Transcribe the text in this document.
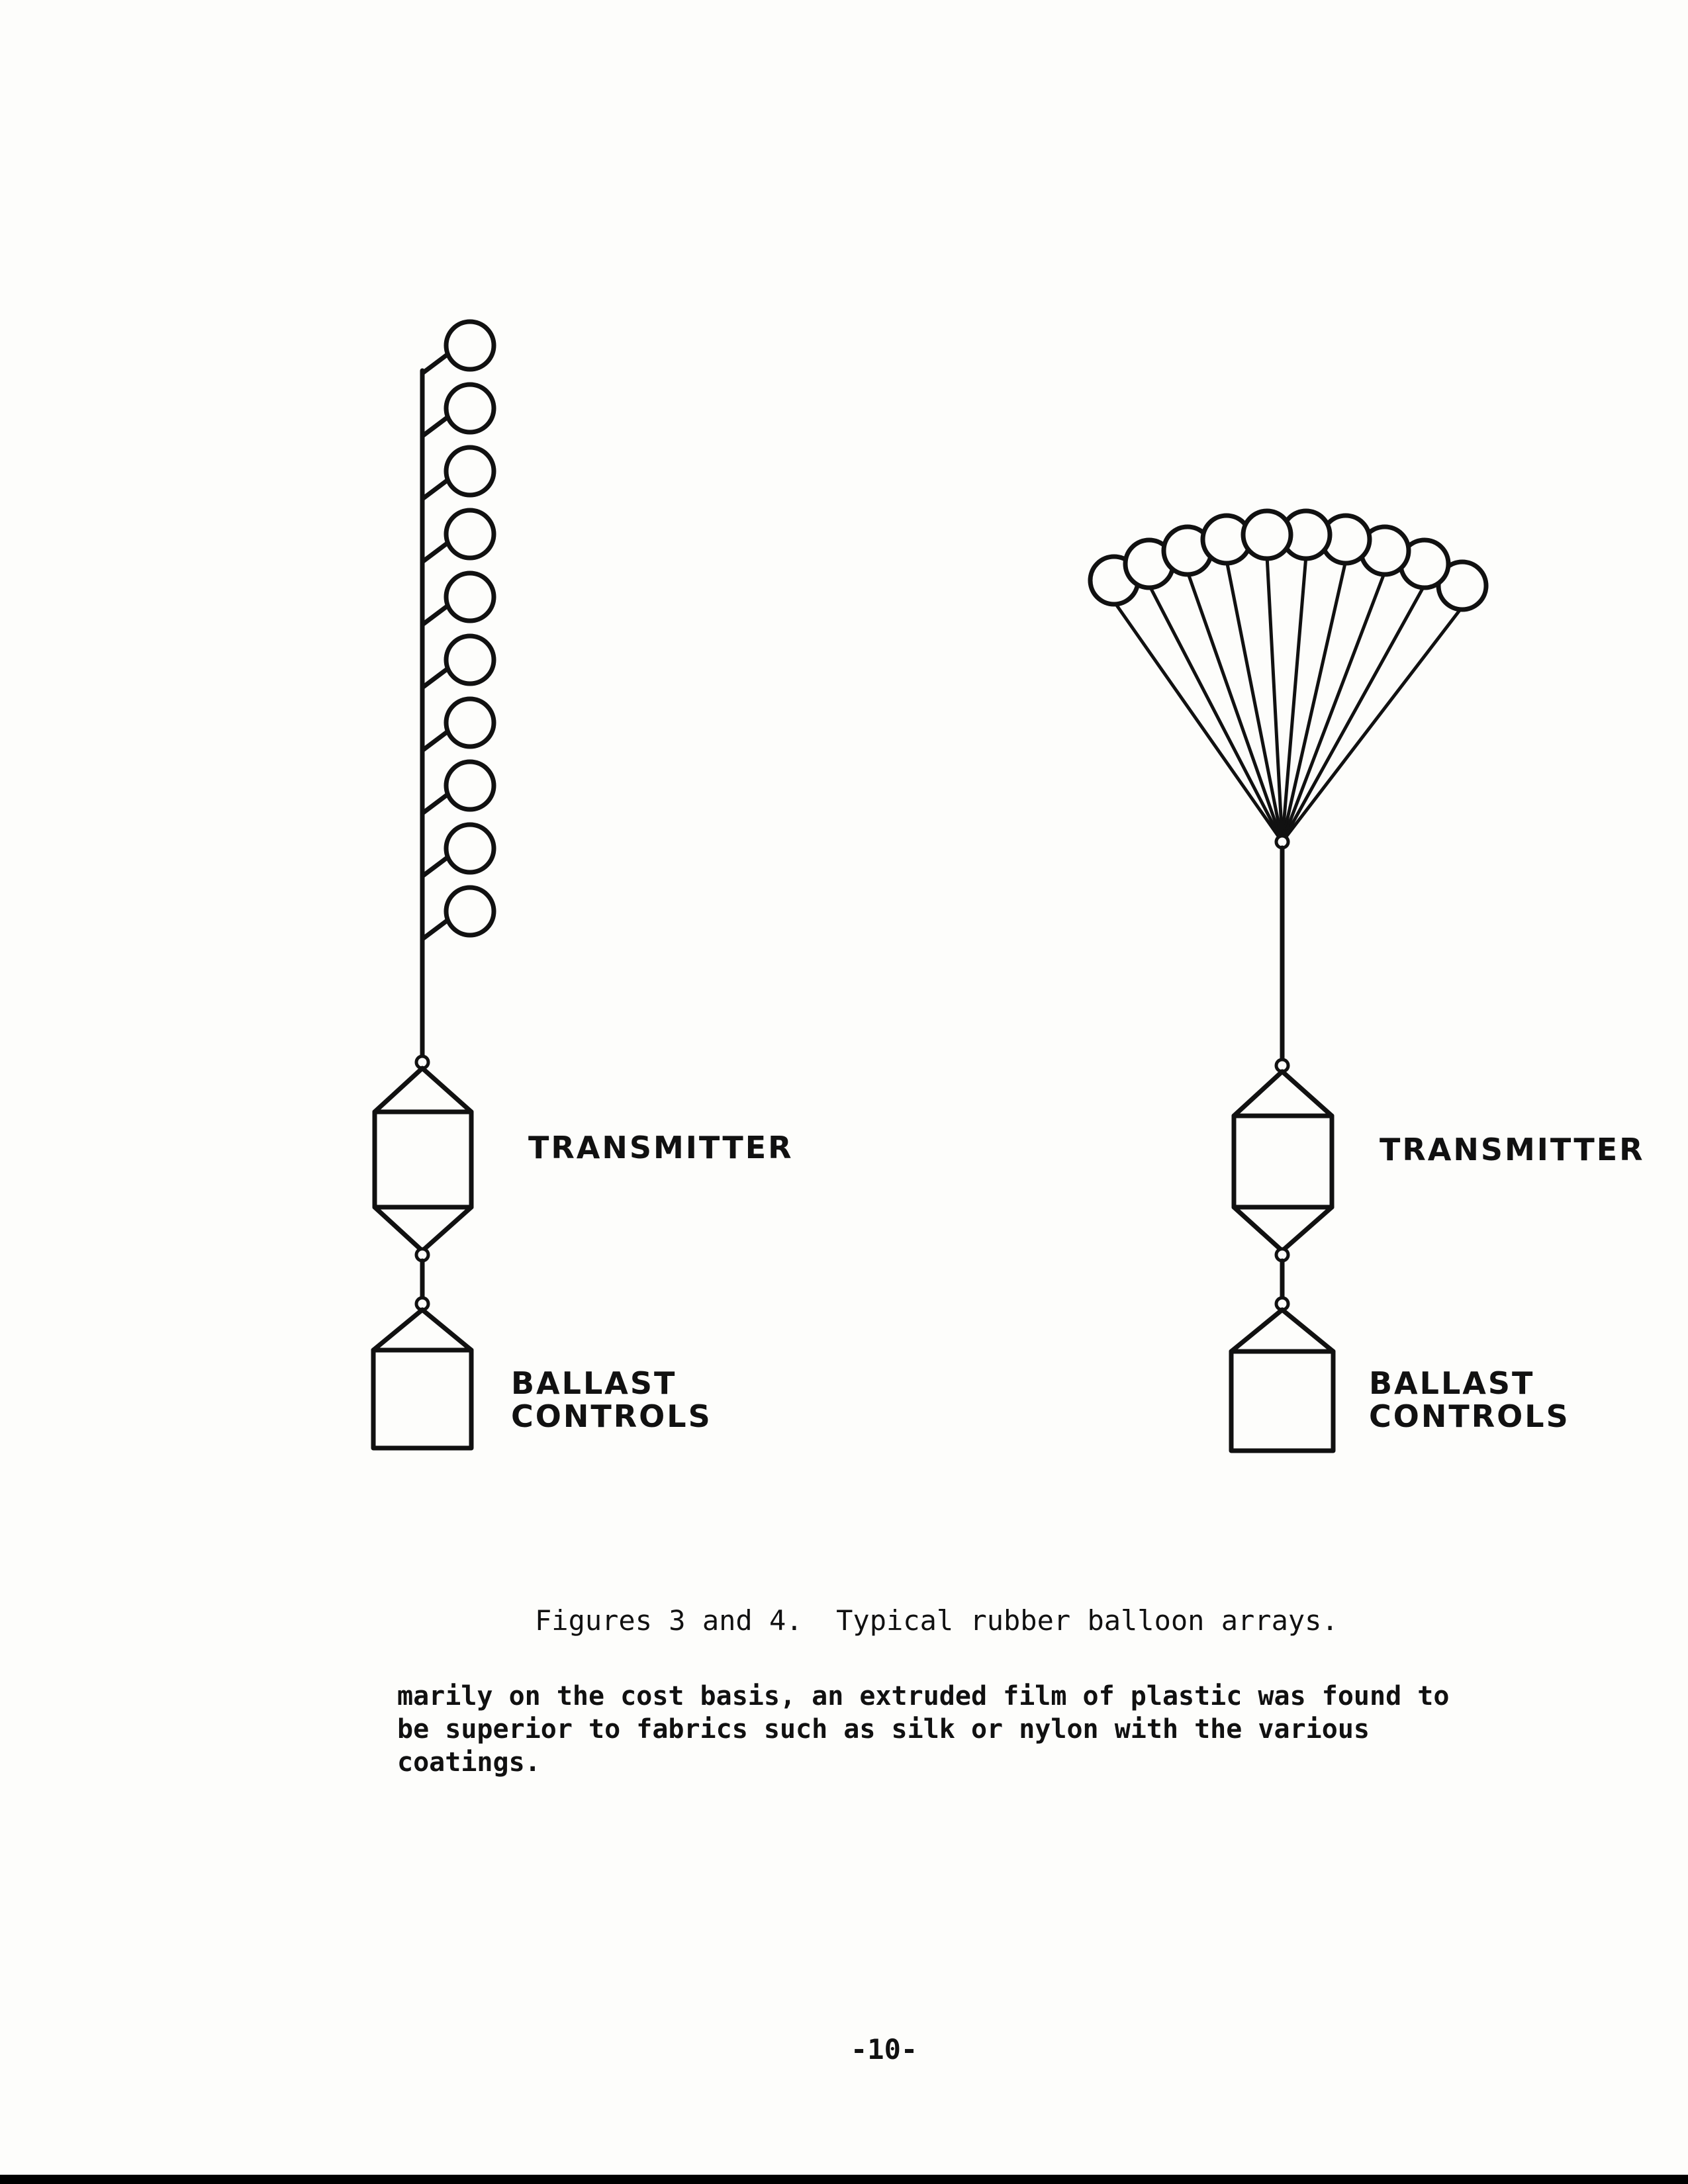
TRANSMITTER
BALLAST
CONTROLS
TRANSMITTER
BALLAST
CONTROLS
Figures 3 and 4.  Typical rubber balloon arrays.
marily on the cost basis, an extruded film of plastic was found to
be superior to fabrics such as silk or nylon with the various
coatings.
-10-
